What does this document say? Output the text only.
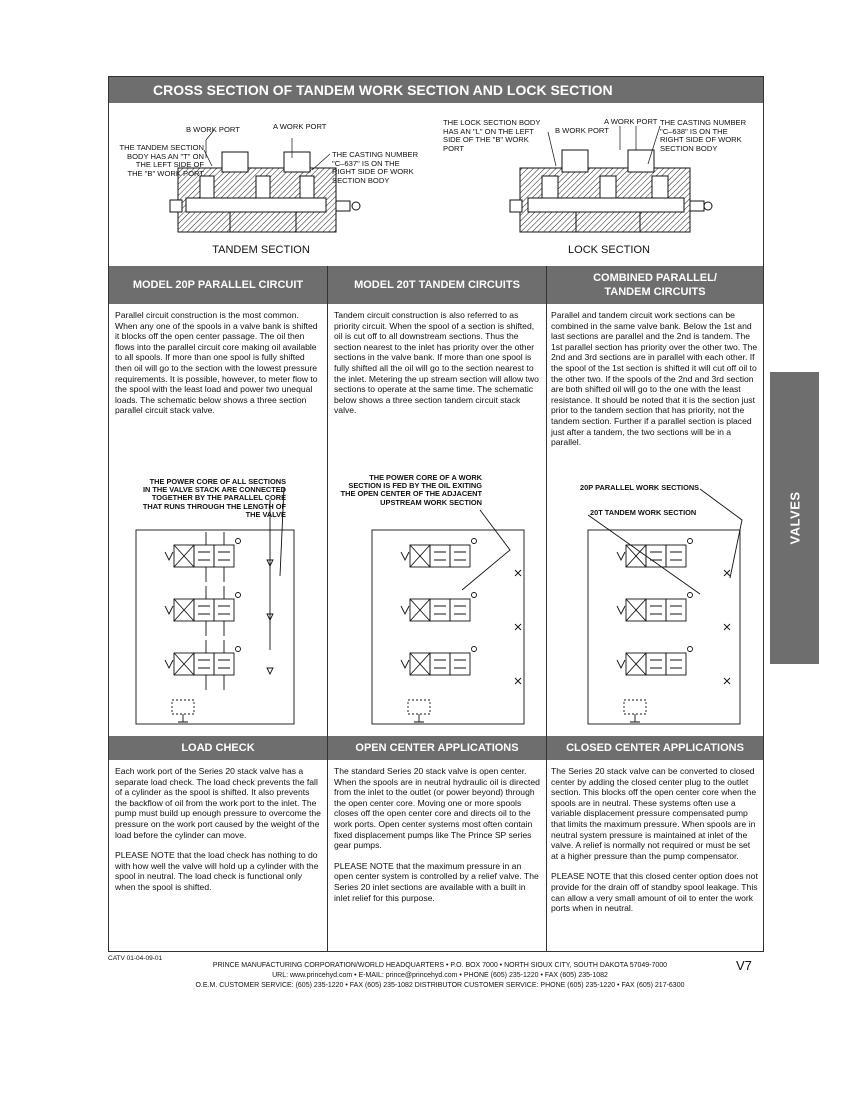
CROSS SECTION OF TANDEM WORK SECTION AND LOCK SECTION
B WORK PORT	A WORK PORT
THE TANDEM SECTION
BODY HAS AN "T" ON
THE LEFT SIDE OF
THE "B" WORK PORT
THE CASTING NUMBER
"C–637" IS ON THE
RIGHT SIDE OF WORK
SECTION BODY
TANDEM SECTION
THE LOCK SECTION BODY
HAS AN "L" ON THE LEFT
SIDE OF THE "B" WORK
PORT
B WORK PORT
A WORK PORT THE CASTING NUMBER
"C–638" IS ON THE
RIGHT SIDE OF WORK
SECTION BODY
LOCK SECTION
MODEL 20P PARALLEL CIRCUIT	MODEL 20T TANDEM CIRCUITS
COMBINED PARALLEL/
TANDEM CIRCUITS

Parallel circuit construction is the most common. When any one of the spools in a valve bank is shifted it blocks off the open center passage. The oil then flows into the parallel circuit core making oil available to all spools. If more than one spool is fully shifted then oil will go to the section with the lowest pressure requirements. It is possible, however, to meter flow to the spool with the least load and power two unequal loads. The schematic below shows a three section parallel circuit stack valve.

Tandem circuit construction is also referred to as priority circuit. When the spool of a section is shifted, oil is cut off to all downstream sections. Thus the section nearest to the inlet has priority over the other sections in the valve bank. If more than one spool is fully shifted all the oil will go to the section nearest to the inlet. Metering the up stream section will allow two sections to operate at the same time. The schematic below shows a three section tandem circuit stack valve.

Parallel and tandem circuit work sections can be combined in the same valve bank. Below the 1st and last sections are parallel and the 2nd is tandem. The 1st parallel section has priority over the other two. The 2nd and 3rd sections are in parallel with each other. If the spool of the 1st section is shifted it will cut off oil to the other two. If the spools of the 2nd and 3rd section are both shifted oil will go to the one with the least resistance. It should be noted that it is the section just prior to the tandem section that has priority, not the tandem section. Further if a parallel section is placed just after a tandem, the two sections will be in a parallel.

THE POWER CORE OF ALL SECTIONS
IN THE VALVE STACK ARE CONNECTED
TOGETHER BY THE PARALLEL CORE
THAT RUNS THROUGH THE LENGTH OF
THE VALVE
THE POWER CORE OF A WORK
SECTION IS FED BY THE OIL EXITING
THE OPEN CENTER OF THE ADJACENT
UPSTREAM WORK SECTION
20P PARALLEL WORK SECTIONS
20T TANDEM WORK SECTION
LOAD CHECK	OPEN CENTER APPLICATIONS	CLOSED CENTER APPLICATIONS

Each work port of the Series 20 stack valve has a separate load check. The load check prevents the fall of a cylinder as the spool is shifted. It also prevents the backflow of oil from the work port to the inlet. The pump must build up enough pressure to overcome the pressure on the work port caused by the weight of the load before the cylinder can move.

PLEASE NOTE that the load check has nothing to do with how well the valve will hold up a cylinder with the spool in neutral. The load check is functional only when the spool is shifted.

The standard Series 20 stack valve is open center. When the spools are in neutral hydraulic oil is directed from the inlet to the outlet (or power beyond) through the open center core. Moving one or more spools closes off the open center core and directs oil to the work ports. Open center systems most often contain fixed displacement pumps like The Prince SP series gear pumps.

PLEASE NOTE that the maximum pressure in an open center system is controlled by a relief valve. The Series 20 inlet sections are available with a built in inlet relief for this purpose.

The Series 20 stack valve can be converted to closed center by adding the closed center plug to the outlet section. This blocks off the open center core when the spools are in neutral. These systems often use a variable displacement pressure compensated pump that limits the maximum pressure. When spools are in neutral system pressure is maintained at inlet of the valve. A relief is normally not required or must be set at a higher pressure than the pump compensator.

PLEASE NOTE that this closed center option does not provide for the drain off of standby spool leakage. This can allow a very small amount of oil to enter the work ports when in neutral.

VALVES
CATV 01-04-09-01
PRINCE MANUFACTURING CORPORATION/WORLD HEADQUARTERS • P.O. BOX 7000 • NORTH SIOUX CITY, SOUTH DAKOTA 57049-7000
URL: www.princehyd.com • E-MAIL: prince@princehyd.com • PHONE (605) 235-1220 • FAX (605) 235-1082
O.E.M. CUSTOMER SERVICE: (605) 235-1220 • FAX (605) 235-1082 DISTRIBUTOR CUSTOMER SERVICE: PHONE (605) 235-1220 • FAX (605) 217-6300
V7
